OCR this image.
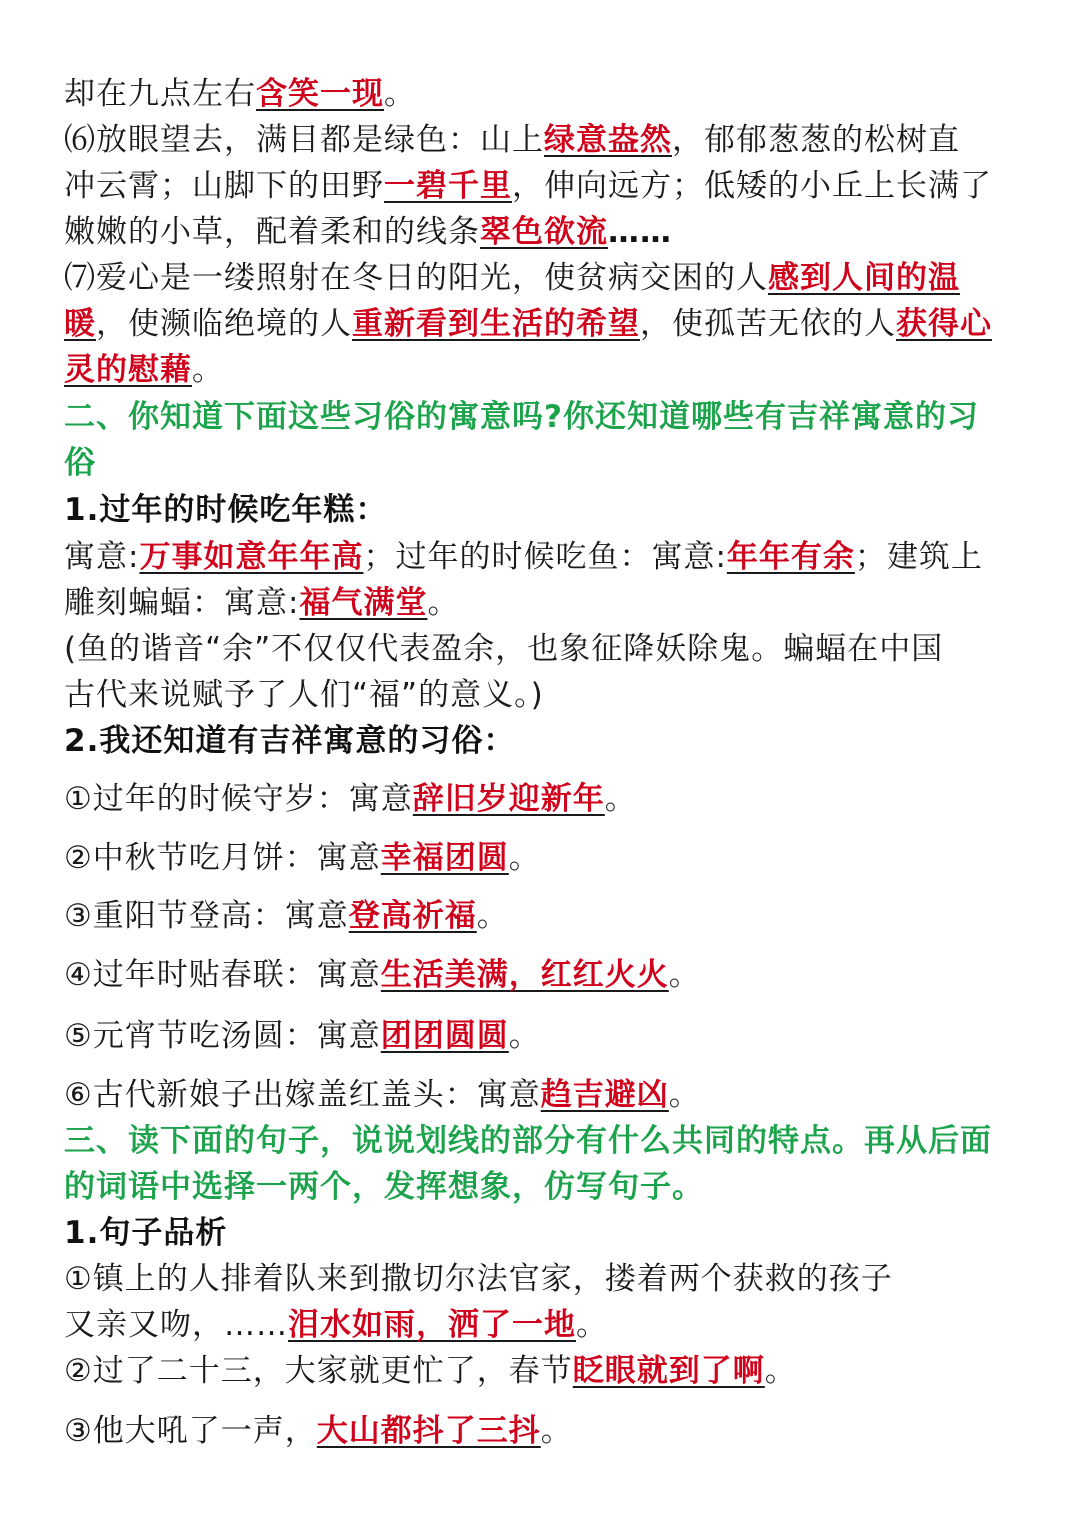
却在九点左右含笑一现。
⑹放眼望去，满目都是绿色：山上绿意盎然，郁郁葱葱的松树直
冲云霄；山脚下的田野一碧千里，伸向远方；低矮的小丘上长满了
嫩嫩的小草，配着柔和的线条翠色欲流……
⑺爱心是一缕照射在冬日的阳光，使贫病交困的人感到人间的温
暖，使濒临绝境的人重新看到生活的希望，使孤苦无依的人获得心
灵的慰藉。
二、你知道下面这些习俗的寓意吗?你还知道哪些有吉祥寓意的习
俗
1.过年的时候吃年糕：
寓意:万事如意年年高；过年的时候吃鱼：寓意:年年有余；建筑上
雕刻蝙蝠：寓意:福气满堂。
(鱼的谐音“余”不仅仅代表盈余，也象征降妖除鬼。蝙蝠在中国
古代来说赋予了人们“福”的意义。)
2.我还知道有吉祥寓意的习俗：
①过年的时候守岁：寓意辞旧岁迎新年。
②中秋节吃月饼：寓意幸福团圆。
③重阳节登高：寓意登高祈福。
④过年时贴春联：寓意生活美满，红红火火。
⑤元宵节吃汤圆：寓意团团圆圆。
⑥古代新娘子出嫁盖红盖头：寓意趋吉避凶。
三、读下面的句子，说说划线的部分有什么共同的特点。再从后面
的词语中选择一两个，发挥想象，仿写句子。
1.句子品析
①镇上的人排着队来到撒切尔法官家，搂着两个获救的孩子
又亲又吻，……泪水如雨，洒了一地。
②过了二十三，大家就更忙了，春节眨眼就到了啊。
③他大吼了一声，大山都抖了三抖。
